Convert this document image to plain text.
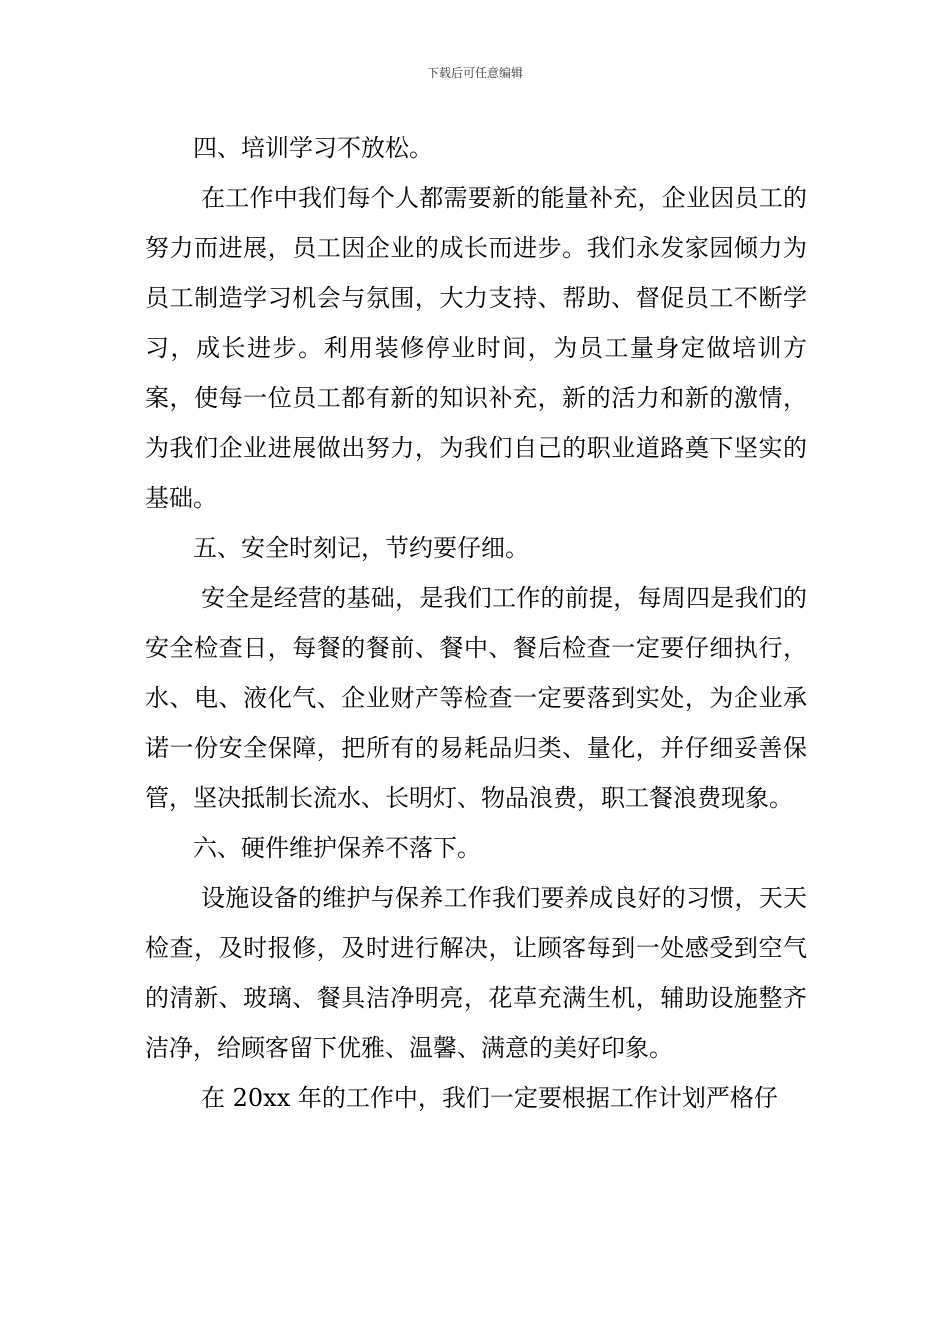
下载后可任意编辑

四、培训学习不放松。

在工作中我们每个人都需要新的能量补充，企业因员工的努力而进展，员工因企业的成长而进步。我们永发家园倾力为员工制造学习机会与氛围，大力支持、帮助、督促员工不断学习，成长进步。利用装修停业时间，为员工量身定做培训方案，使每一位员工都有新的知识补充，新的活力和新的激情，为我们企业进展做出努力，为我们自己的职业道路奠下坚实的基础。

五、安全时刻记，节约要仔细。

安全是经营的基础，是我们工作的前提，每周四是我们的安全检查日，每餐的餐前、餐中、餐后检查一定要仔细执行，水、电、液化气、企业财产等检查一定要落到实处，为企业承诺一份安全保障，把所有的易耗品归类、量化，并仔细妥善保管，坚决抵制长流水、长明灯、物品浪费，职工餐浪费现象。

六、硬件维护保养不落下。

设施设备的维护与保养工作我们要养成良好的习惯，天天检查，及时报修，及时进行解决，让顾客每到一处感受到空气的清新、玻璃、餐具洁净明亮，花草充满生机，辅助设施整齐洁净，给顾客留下优雅、温馨、满意的美好印象。

在 20xx 年的工作中，我们一定要根据工作计划严格仔
